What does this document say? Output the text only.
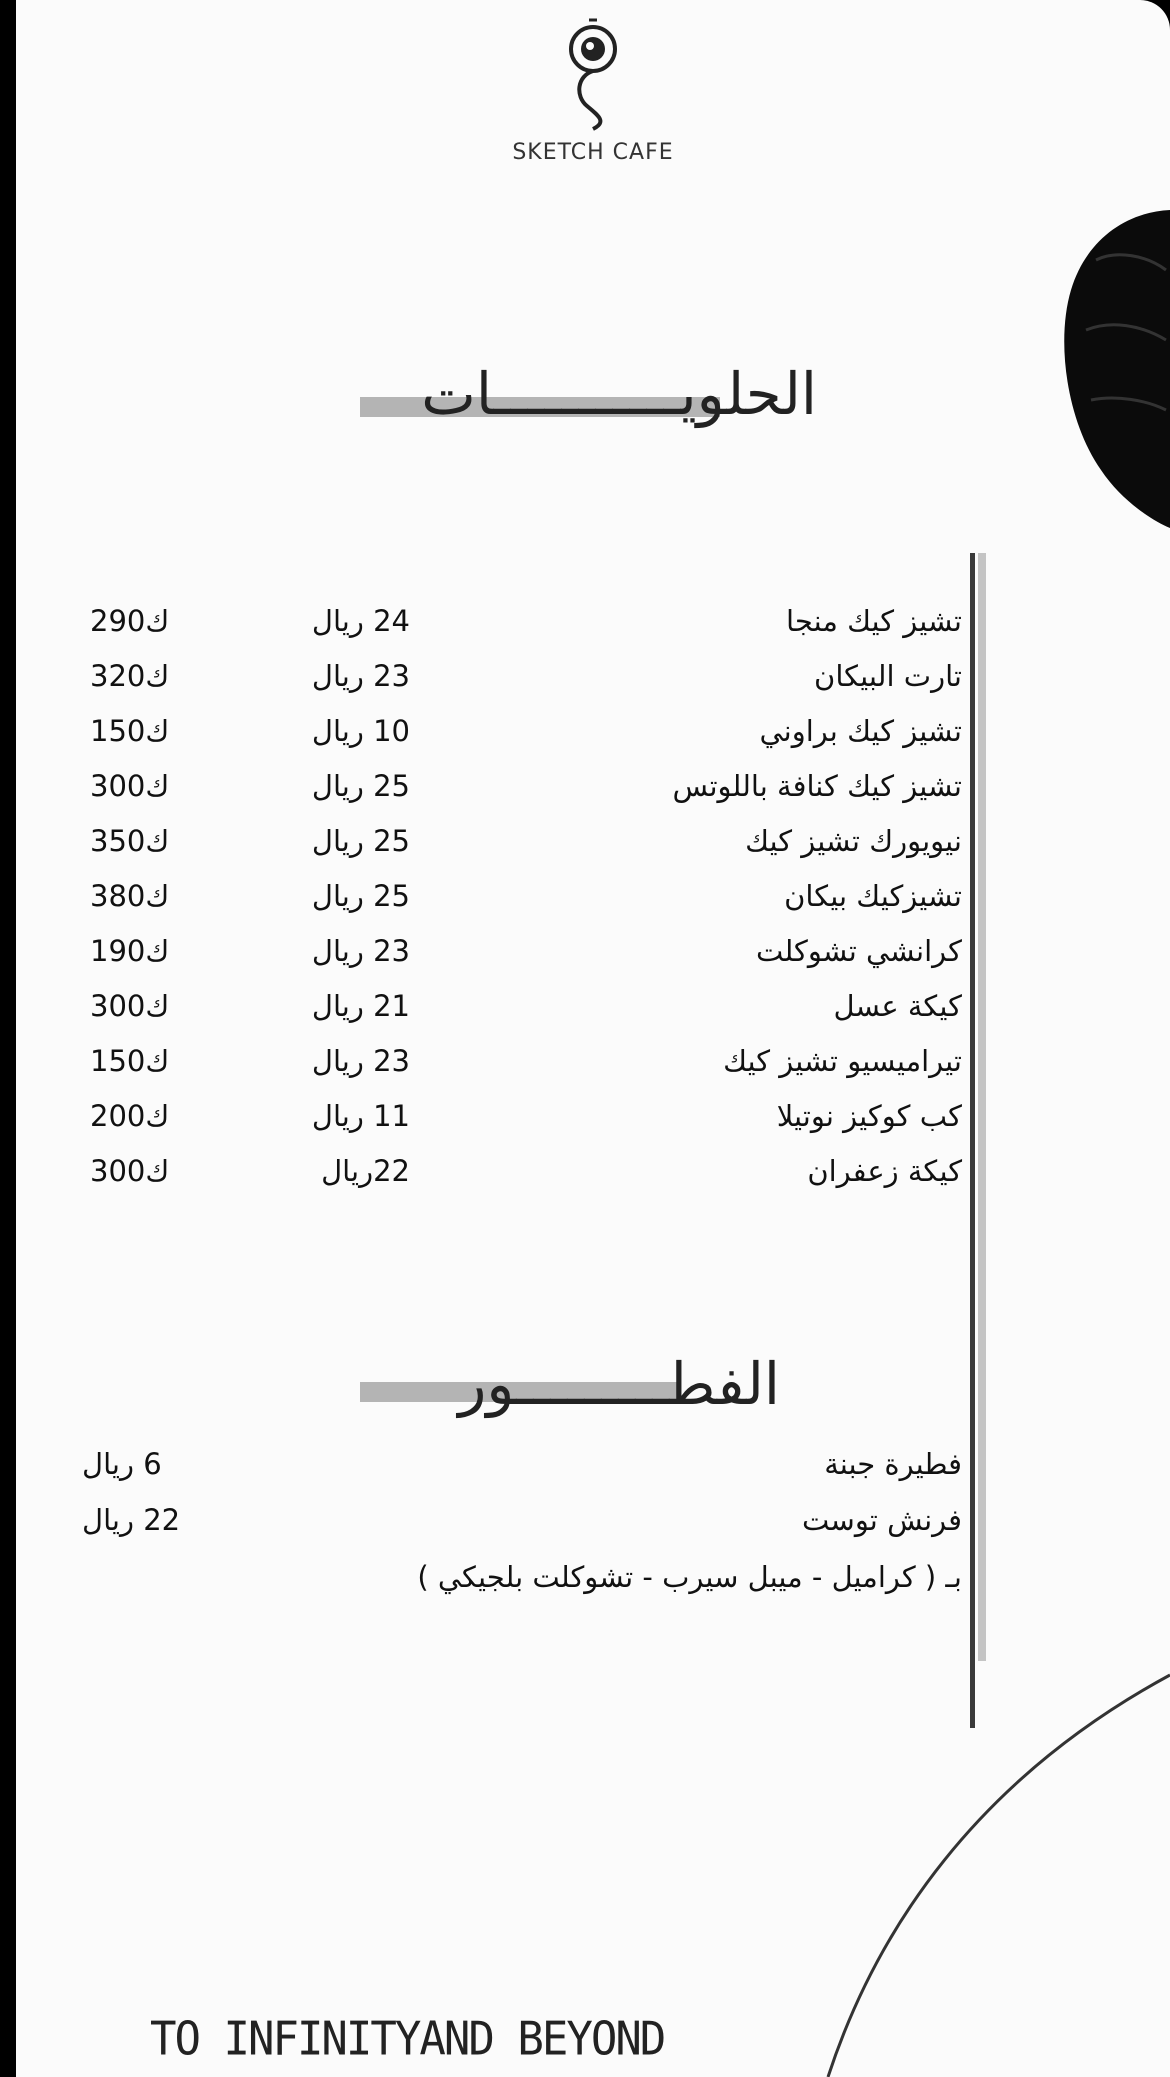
SKETCH CAFE
الحلويـــــــــــات
تشيز كيك منجا
24 ريال
290ك
تارت البيكان
23 ريال
320ك
تشيز كيك براوني
10 ريال
150ك
تشيز كيك كنافة باللوتس
25 ريال
300ك
نيويورك تشيز كيك
25 ريال
350ك
تشيزكيك بيكان
25 ريال
380ك
كرانشي تشوكلت
23 ريال
190ك
كيكة عسل
21 ريال
300ك
تيراميسيو تشيز كيك
23 ريال
150ك
كب كوكيز نوتيلا
11 ريال
200ك
كيكة زعفران
22ريال
300ك
الفطـــــــــور
فطيرة جبنة
6 ريال
فرنش توست
22 ريال
بـ ( كراميل - ميبل سيرب - تشوكلت بلجيكي )
TO INFINITYAND BEYOND
